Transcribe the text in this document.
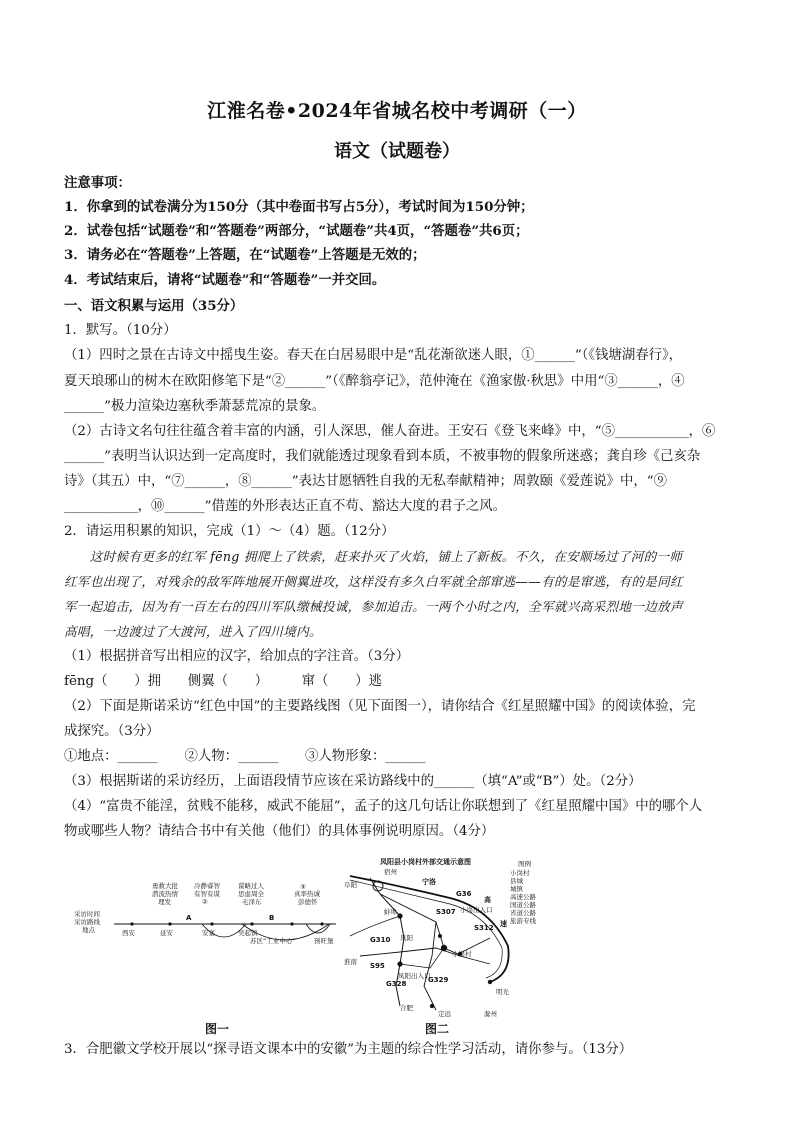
江淮名卷•2024年省城名校中考调研（一）
语文（试题卷）
注意事项：
1．你拿到的试卷满分为150分（其中卷面书写占5分），考试时间为150分钟；
2．试卷包括“试题卷”和“答题卷”两部分，“试题卷”共4页，“答题卷”共6页；
3．请务必在“答题卷”上答题，在“试题卷”上答题是无效的；
4．考试结束后，请将“试题卷”和“答题卷”一并交回。
一、语文积累与运用（35分）
1．默写。（10分）
（1）四时之景在古诗文中摇曳生姿。春天在白居易眼中是“乱花渐欲迷人眼，①______”（《钱塘湖春行》，
夏天琅琊山的树木在欧阳修笔下是“②______”（《醉翁亭记》，范仲淹在《渔家傲·秋思》中用“③______，④
______”极力渲染边塞秋季萧瑟荒凉的景象。
（2）古诗文名句往往蕴含着丰富的内涵，引人深思，催人奋进。王安石《登飞来峰》中，“⑤___________，⑥
______”表明当认识达到一定高度时，我们就能透过现象看到本质，不被事物的假象所迷惑；龚自珍《己亥杂
诗》（其五）中，“⑦______，⑧______”表达甘愿牺牲自我的无私奉献精神；周敦颐《爱莲说》中，“⑨
___________，⑩______”借莲的外形表达正直不苟、豁达大度的君子之风。
2．请运用积累的知识，完成（1）～（4）题。（12分）
　　这时候有更多的红军 fēng 拥爬上了铁索，赶来扑灭了火焰，铺上了新板。不久，在安顺场过了河的一师
红军也出现了，对残余的敌军阵地展开侧翼进攻，这样没有多久白军就全部窜逃——有的是窜逃，有的是同红
军一起追击，因为有一百左右的四川军队缴械投诚，参加追击。一两个小时之内，全军就兴高采烈地一边放声
高唱，一边渡过了大渡河，进入了四川境内。
（1）根据拼音写出相应的汉字，给加点的字注音。（3分）
fēng（　　）拥　　侧翼（　　）　　　窜（　　）逃
（2）下面是斯诺采访“红色中国”的主要路线图（见下面图一），请你结合《红星照耀中国》的阅读体验，完
成探究。（3分）
①地点：______　　②人物：______　　③人物形象：______
（3）根据斯诺的采访经历，上面语段情节应该在采访路线中的______（填“A”或“B”）处。（2分）
（4）“富贵不能淫，贫贱不能移，威武不能屈”，孟子的这几句话让你联想到了《红星照耀中国》中的哪个人
物或哪些人物？请结合书中有关他（他们）的具体事例说明原因。（4分）
采访时间
采访路线
地点	西安	延安	安塞	吴起镇
苏区“工业中心”	预旺堡
A	B
勇救大批
潜流热情
理发
冷静睿智
有智有谋
②
谋略过人
思虑周全
毛泽东
③
真率热诚
彭德怀
图一
凤阳县小岗村外部交通示意图	图例
小岗村
县城
城镇
高速公路
国道公路
省道公路
旅游专线
宿州
阜阳
蚌埠
凤阳
小岗村
合肥
定远
明光
滁州
淮南
小岗出入口
凤阳出入口
G36
S95
G310
G329
G328
S312
S307
宁洛
高
速
图二
3．合肥徽文学校开展以“探寻语文课本中的安徽”为主题的综合性学习活动，请你参与。（13分）
